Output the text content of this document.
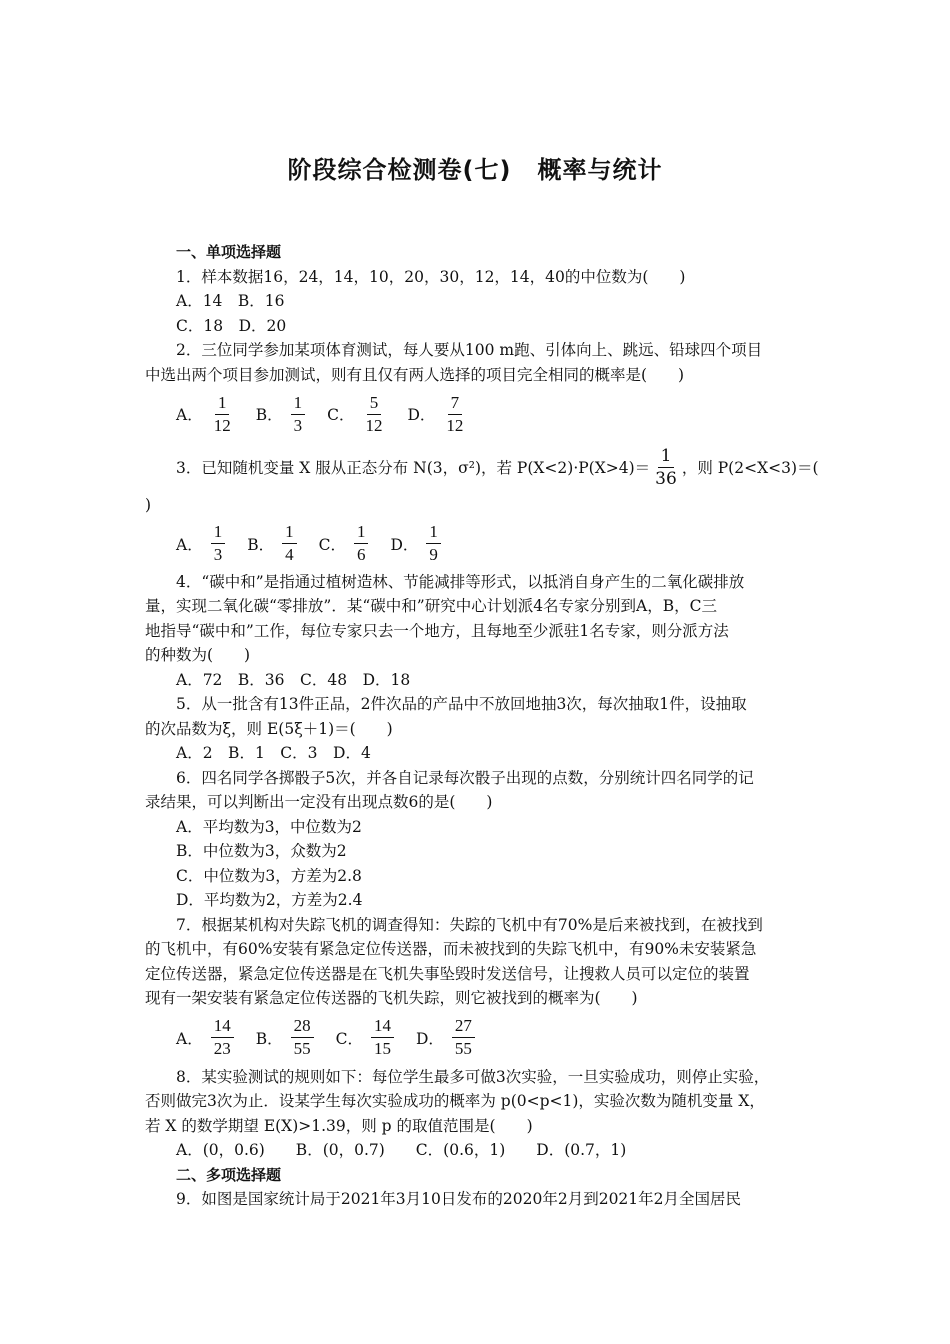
阶段综合检测卷(七) 概率与统计
一、单项选择题
1．样本数据16，24，14，10，20，30，12，14，40的中位数为(　　)
A．14　B．16
C．18　D．20
2．三位同学参加某项体育测试，每人要从100 m跑、引体向上、跳远、铅球四个项目
中选出两个项目参加测试，则有且仅有两人选择的项目完全相同的概率是(　　)
A． $\frac{1}{12}$ B． $\frac{1}{3}$ C． $\frac{5}{12}$ D． $\frac{7}{12}$
3．已知随机变量 X 服从正态分布 N(3，σ²)，若 $P(X<2)\cdot P(X>4)= \frac{1}{36}$ ，则 P(2<X<3)＝(
)
A． $\frac{1}{3}$ B． $\frac{1}{4}$ C． $\frac{1}{6}$ D． $\frac{1}{9}$
4．“碳中和”是指通过植树造林、节能减排等形式，以抵消自身产生的二氧化碳排放
量，实现二氧化碳“零排放”．某“碳中和”研究中心计划派4名专家分别到A，B，C三
地指导“碳中和”工作，每位专家只去一个地方，且每地至少派驻1名专家，则分派方法
的种数为(　　)
A．72　B．36　C．48　D．18
5．从一批含有13件正品，2件次品的产品中不放回地抽3次，每次抽取1件，设抽取
的次品数为ξ，则 E(5ξ＋1)＝(　　)
A．2　B．1　C．3　D．4
6．四名同学各掷骰子5次，并各自记录每次骰子出现的点数，分别统计四名同学的记
录结果，可以判断出一定没有出现点数6的是(　　)
A．平均数为3，中位数为2
B．中位数为3，众数为2
C．中位数为3，方差为2.8
D．平均数为2，方差为2.4
7．根据某机构对失踪飞机的调查得知：失踪的飞机中有70%是后来被找到，在被找到
的飞机中，有60%安装有紧急定位传送器，而未被找到的失踪飞机中，有90%未安装紧急
定位传送器，紧急定位传送器是在飞机失事坠毁时发送信号，让搜救人员可以定位的装置
现有一架安装有紧急定位传送器的飞机失踪，则它被找到的概率为(　　)
A． $\frac{14}{23}$ B． $\frac{28}{55}$ C． $\frac{14}{15}$ D． $\frac{27}{55}$
8．某实验测试的规则如下：每位学生最多可做3次实验，一旦实验成功，则停止实验，
否则做完3次为止．设某学生每次实验成功的概率为 p(0<p<1)，实验次数为随机变量 X，
若 X 的数学期望 E(X)>1.39，则 p 的取值范围是(　　)
A．(0，0.6)　　B．(0，0.7)　　C．(0.6，1)　　D．(0.7，1)
二、多项选择题
9．如图是国家统计局于2021年3月10日发布的2020年2月到2021年2月全国居民
